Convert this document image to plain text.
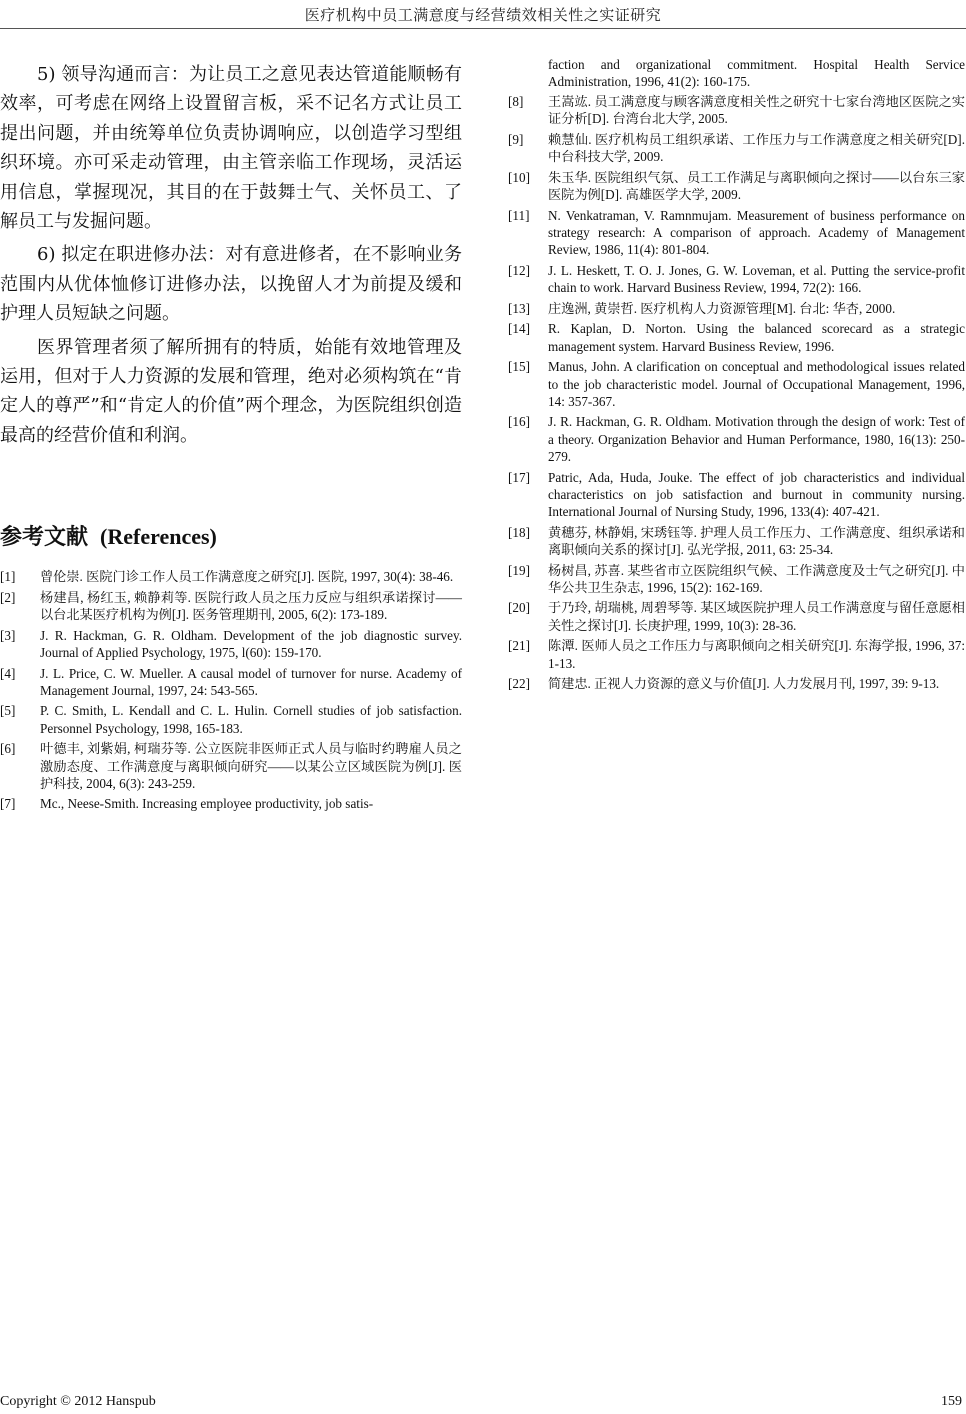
医疗机构中员工满意度与经营绩效相关性之实证研究

5) 领导沟通而言：为让员工之意见表达管道能顺畅有效率，可考虑在网络上设置留言板，采不记名方式让员工提出问题，并由统筹单位负责协调响应，以创造学习型组织环境。亦可采走动管理，由主管亲临工作现场，灵活运用信息，掌握现况，其目的在于鼓舞士气、关怀员工、了解员工与发掘问题。

6) 拟定在职进修办法：对有意进修者，在不影响业务范围内从优体恤修订进修办法，以挽留人才为前提及缓和护理人员短缺之问题。

医界管理者须了解所拥有的特质，始能有效地管理及运用，但对于人力资源的发展和管理，绝对必须构筑在“肯定人的尊严”和“肯定人的价值”两个理念，为医院组织创造最高的经营价值和利润。

参考文献 (References)
[1]	曾伦崇. 医院门诊工作人员工作满意度之研究[J]. 医院, 1997, 30(4): 38-46.
[2]	杨建昌, 杨红玉, 赖静莉等. 医院行政人员之压力反应与组织承诺探讨——以台北某医疗机构为例[J]. 医务管理期刊, 2005, 6(2): 173-189.
[3]	J. R. Hackman, G. R. Oldham. Development of the job diagnostic survey. Journal of Applied Psychology, 1975, l(60): 159-170.
[4]	J. L. Price, C. W. Mueller. A causal model of turnover for nurse. Academy of Management Journal, 1997, 24: 543-565.
[5]	P. C. Smith, L. Kendall and C. L. Hulin. Cornell studies of job satisfaction. Personnel Psychology, 1998, 165-183.
[6]	叶德丰, 刘紫娟, 柯瑞芬等. 公立医院非医师正式人员与临时约聘雇人员之激励态度、工作满意度与离职倾向研究——以某公立区域医院为例[J]. 医护科技, 2004, 6(3): 243-259.
[7]	Mc., Neese-Smith. Increasing employee productivity, job satis-
faction and organizational commitment. Hospital Health Service Administration, 1996, 41(2): 160-175.
[8]	王嵩竑. 员工满意度与顾客满意度相关性之研究十七家台湾地区医院之实证分析[D]. 台湾台北大学, 2005.
[9]	赖慧仙. 医疗机构员工组织承诺、工作压力与工作满意度之相关研究[D]. 中台科技大学, 2009.
[10]	朱玉华. 医院组织气氛、员工工作满足与离职倾向之探讨——以台东三家医院为例[D]. 高雄医学大学, 2009.
[11]	N. Venkatraman, V. Ramnmujam. Measurement of business performance on strategy research: A comparison of approach. Academy of Management Review, 1986, 11(4): 801-804.
[12]	J. L. Heskett, T. O. J. Jones, G. W. Loveman, et al. Putting the service-profit chain to work. Harvard Business Review, 1994, 72(2): 166.
[13]	庄逸洲, 黄崇哲. 医疗机构人力资源管理[M]. 台北: 华杏, 2000.
[14]	R. Kaplan, D. Norton. Using the balanced scorecard as a strategic management system. Harvard Business Review, 1996.
[15]	Manus, John. A clarification on conceptual and methodological issues related to the job characteristic model. Journal of Occupational Management, 1996, 14: 357-367.
[16]	J. R. Hackman, G. R. Oldham. Motivation through the design of work: Test of a theory. Organization Behavior and Human Performance, 1980, 16(13): 250-279.
[17]	Patric, Ada, Huda, Jouke. The effect of job characteristics and individual characteristics on job satisfaction and burnout in community nursing. International Journal of Nursing Study, 1996, 133(4): 407-421.
[18]	黄穗芬, 林静娟, 宋琇钰等. 护理人员工作压力、工作满意度、组织承诺和离职倾向关系的探讨[J]. 弘光学报, 2011, 63: 25-34.
[19]	杨树昌, 苏喜. 某些省市立医院组织气候、工作满意度及士气之研究[J]. 中华公共卫生杂志, 1996, 15(2): 162-169.
[20]	于乃玲, 胡瑞桃, 周碧琴等. 某区域医院护理人员工作满意度与留任意愿相关性之探讨[J]. 长庚护理, 1999, 10(3): 28-36.
[21]	陈潭. 医师人员之工作压力与离职倾向之相关研究[J]. 东海学报, 1996, 37: 1-13.
[22]	简建忠. 正视人力资源的意义与价值[J]. 人力发展月刊, 1997, 39: 9-13.
Copyright © 2012 Hanspub	159
